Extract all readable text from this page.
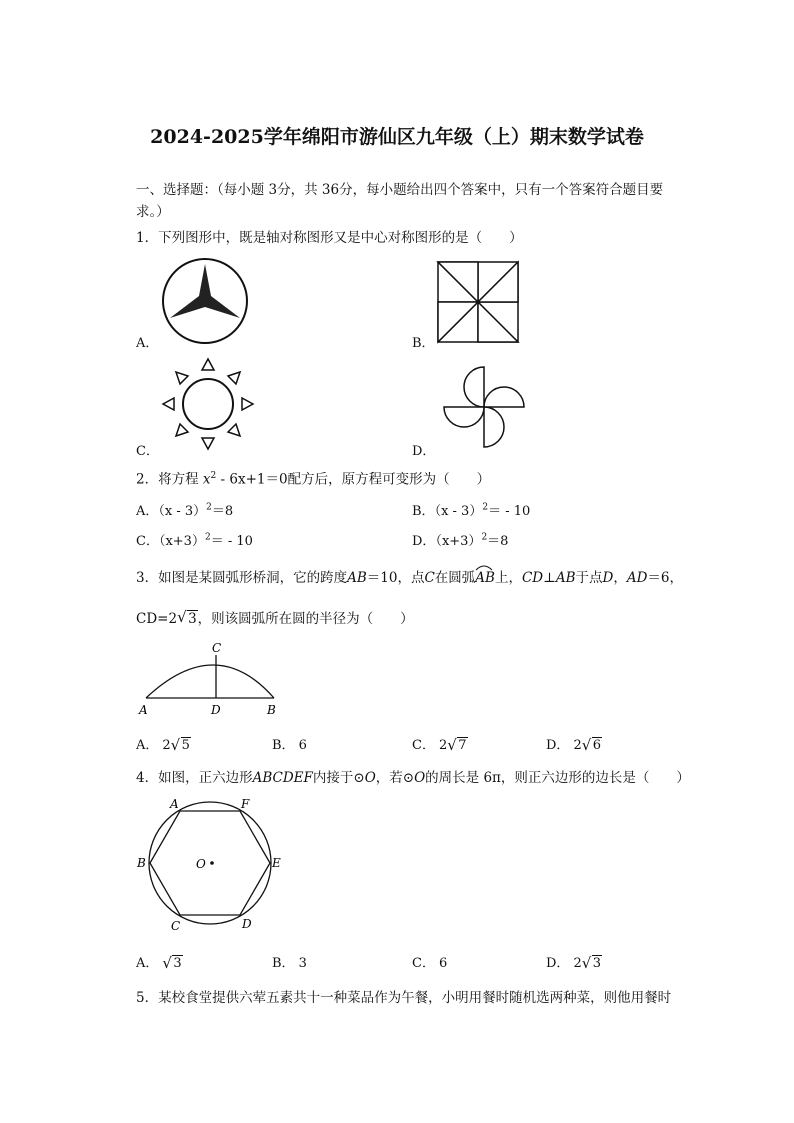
2024-2025学年绵阳市游仙区九年级（上）期末数学试卷
一、选择题：（每小题 3分，共 36分，每小题给出四个答案中，只有一个答案符合题目要
求。）
1．下列图形中，既是轴对称图形又是中心对称图形的是（　　）
A．	B．
C．	D．
2．将方程 $x^2 - 6x+1=0$配方后，原方程可变形为（　　）
A．（x - 3）$^2$＝8	B．（x - 3）$^2$＝ - 10
C．$(x+3)^2= - 10$	D．$(x+3)^2=8$
3．如图是某圆弧形桥洞，它的跨度AB＝10，点C在圆弧AB
上，CD⊥AB于点D，AD＝6，
CD=2 √ 3，则该圆弧所在圆的半径为（　　）
C
A	D	B
A． 2 √ 5	B． 6	C． 2 √ 7	D． 2 √ 6
4．如图，正六边形ABCDEF内接于⊙O，若⊙O的周长是 6π，则正六边形的边长是（　　）
A	F
B	E
C	D
O
A． √ 3	B． 3	C． 6	D． 2 √ 3
5．某校食堂提供六荤五素共十一种菜品作为午餐，小明用餐时随机选两种菜，则他用餐时
